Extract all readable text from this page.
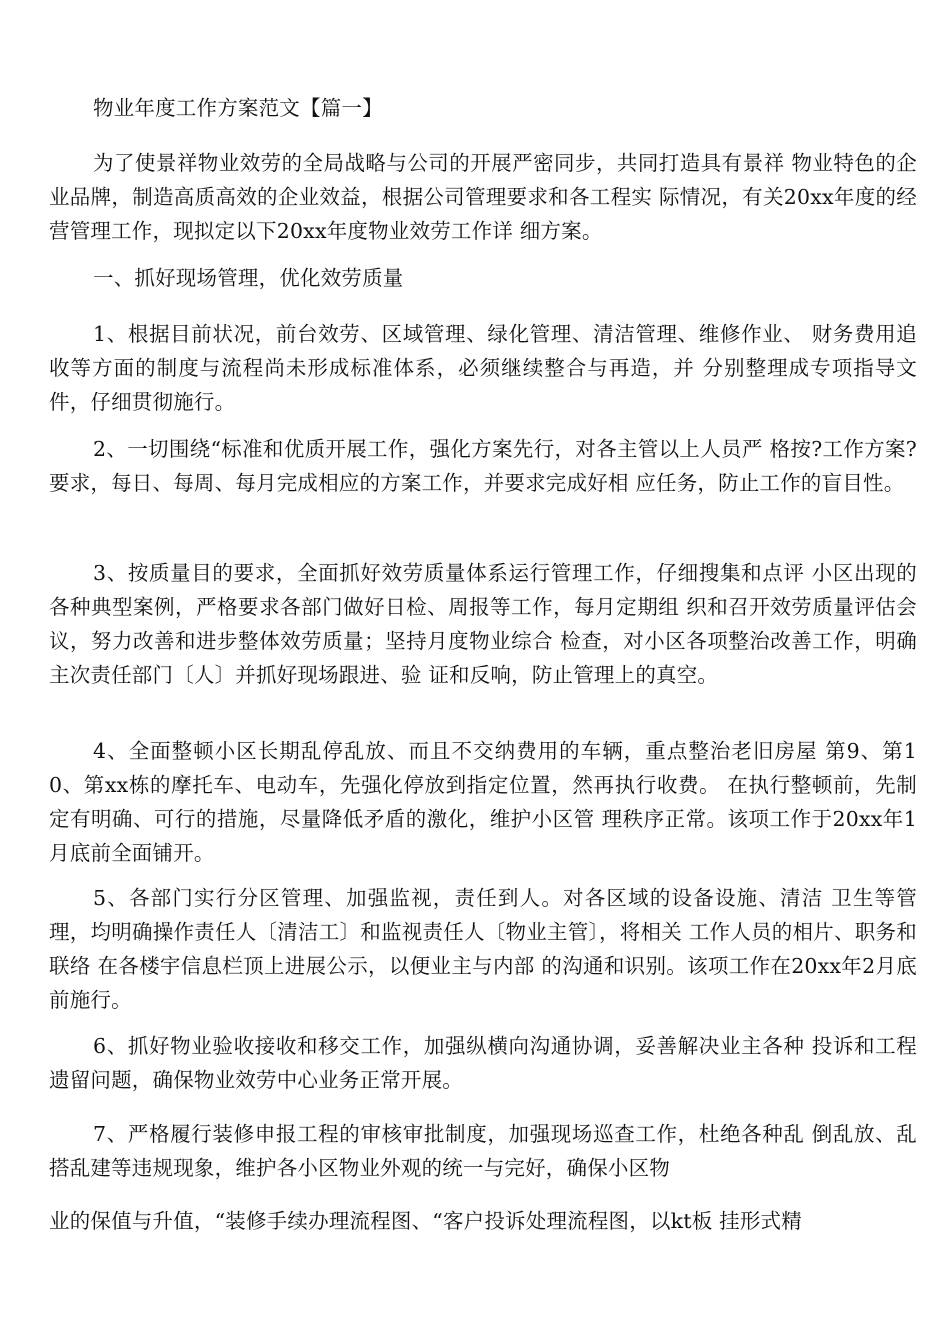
物业年度工作方案范文【篇一】

为了使景祥物业效劳的全局战略与公司的开展严密同步，共同打造具有景祥 物业特色的企业品牌，制造高质高效的企业效益，根据公司管理要求和各工程实 际情况，有关20xx年度的经营管理工作，现拟定以下20xx年度物业效劳工作详 细方案。

一、抓好现场管理，优化效劳质量

1、根据目前状况，前台效劳、区域管理、绿化管理、清洁管理、维修作业、 财务费用追收等方面的制度与流程尚未形成标准体系，必须继续整合与再造，并 分别整理成专项指导文件，仔细贯彻施行。

2、一切围绕“标准和优质开展工作，强化方案先行，对各主管以上人员严 格按?工作方案?要求，每日、每周、每月完成相应的方案工作，并要求完成好相 应任务，防止工作的盲目性。

3、按质量目的要求，全面抓好效劳质量体系运行管理工作，仔细搜集和点评 小区出现的各种典型案例，严格要求各部门做好日检、周报等工作，每月定期组 织和召开效劳质量评估会议，努力改善和进步整体效劳质量；坚持月度物业综合 检查，对小区各项整治改善工作，明确主次责任部门〔人〕并抓好现场跟进、验 证和反响，防止管理上的真空。

4、全面整顿小区长期乱停乱放、而且不交纳费用的车辆，重点整治老旧房屋 第9、第10、第xx栋的摩托车、电动车，先强化停放到指定位置，然再执行收费。 在执行整顿前，先制定有明确、可行的措施，尽量降低矛盾的激化，维护小区管 理秩序正常。该项工作于20xx年1月底前全面铺开。

5、各部门实行分区管理、加强监视，责任到人。对各区域的设备设施、清洁 卫生等管理，均明确操作责任人〔清洁工〕和监视责任人〔物业主管〕，将相关 工作人员的相片、职务和联络 在各楼宇信息栏顶上进展公示，以便业主与内部 的沟通和识别。该项工作在20xx年2月底前施行。

6、抓好物业验收接收和移交工作，加强纵横向沟通协调，妥善解决业主各种 投诉和工程遗留问题，确保物业效劳中心业务正常开展。

7、严格履行装修申报工程的审核审批制度，加强现场巡查工作，杜绝各种乱 倒乱放、乱搭乱建等违规现象，维护各小区物业外观的统一与完好，确保小区物

业的保值与升值，“装修手续办理流程图、“客户投诉处理流程图，以kt板 挂形式精
